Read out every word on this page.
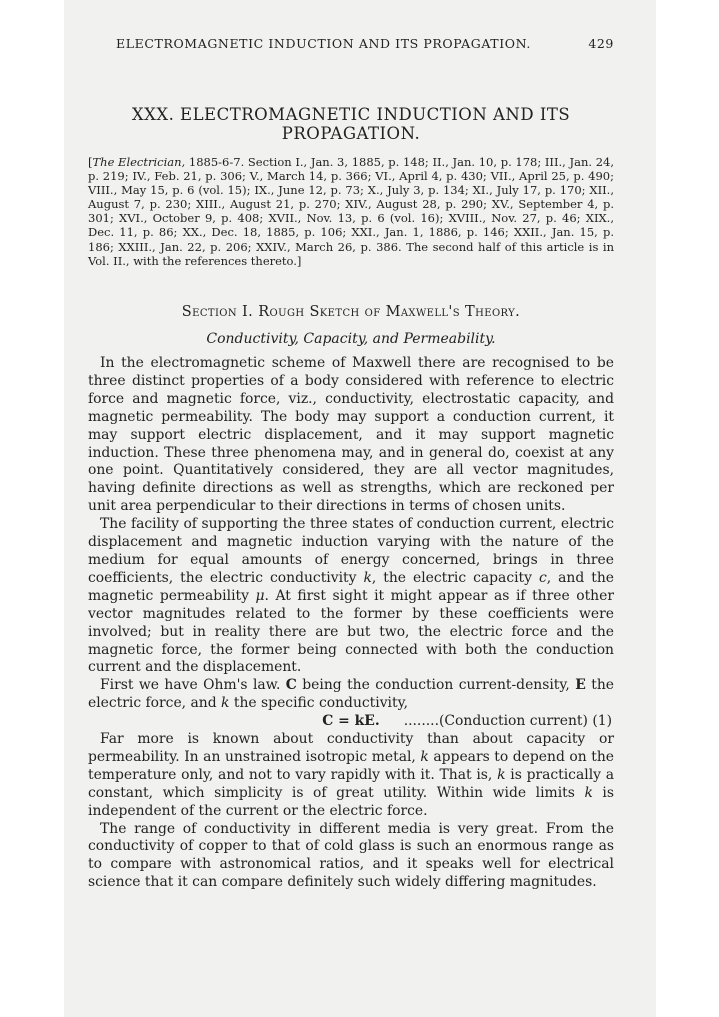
ELECTROMAGNETIC INDUCTION AND ITS PROPAGATION.	429
XXX. ELECTROMAGNETIC INDUCTION AND ITS
PROPAGATION.
[The Electrician, 1885-6-7. Section I., Jan. 3, 1885, p. 148; II., Jan. 10, p. 178; III., Jan. 24, p. 219; IV., Feb. 21, p. 306; V., March 14, p. 366; VI., April 4, p. 430; VII., April 25, p. 490; VIII., May 15, p. 6 (vol. 15); IX., June 12, p. 73; X., July 3, p. 134; XI., July 17, p. 170; XII., August 7, p. 230; XIII., August 21, p. 270; XIV., August 28, p. 290; XV., September 4, p. 301; XVI., October 9, p. 408; XVII., Nov. 13, p. 6 (vol. 16); XVIII., Nov. 27, p. 46; XIX., Dec. 11, p. 86; XX., Dec. 18, 1885, p. 106; XXI., Jan. 1, 1886, p. 146; XXII., Jan. 15, p. 186; XXIII., Jan. 22, p. 206; XXIV., March 26, p. 386. The second half of this article is in Vol. II., with the references thereto.]
Section I. Rough Sketch of Maxwell's Theory.
Conductivity, Capacity, and Permeability.

In the electromagnetic scheme of Maxwell there are recognised to be three distinct properties of a body considered with reference to electric force and magnetic force, viz., conductivity, electrostatic capacity, and magnetic permeability. The body may support a conduction current, it may support electric displacement, and it may support magnetic induction. These three phenomena may, and in general do, coexist at any one point. Quantitatively considered, they are all vector magnitudes, having definite directions as well as strengths, which are reckoned per unit area perpendicular to their directions in terms of chosen units.

The facility of supporting the three states of conduction current, electric displacement and magnetic induction varying with the nature of the medium for equal amounts of energy concerned, brings in three coefficients, the electric conductivity k, the electric capacity c, and the magnetic permeability μ. At first sight it might appear as if three other vector magnitudes related to the former by these coefficients were involved; but in reality there are but two, the electric force and the magnetic force, the former being connected with both the conduction current and the displacement.

First we have Ohm's law. C being the conduction current-density, E the electric force, and k the specific conductivity,

C = kE. ........(Conduction current) (1)

Far more is known about conductivity than about capacity or permeability. In an unstrained isotropic metal, k appears to depend on the temperature only, and not to vary rapidly with it. That is, k is practically a constant, which simplicity is of great utility. Within wide limits k is independent of the current or the electric force.

The range of conductivity in different media is very great. From the conductivity of copper to that of cold glass is such an enormous range as to compare with astronomical ratios, and it speaks well for electrical science that it can compare definitely such widely differing magnitudes.
